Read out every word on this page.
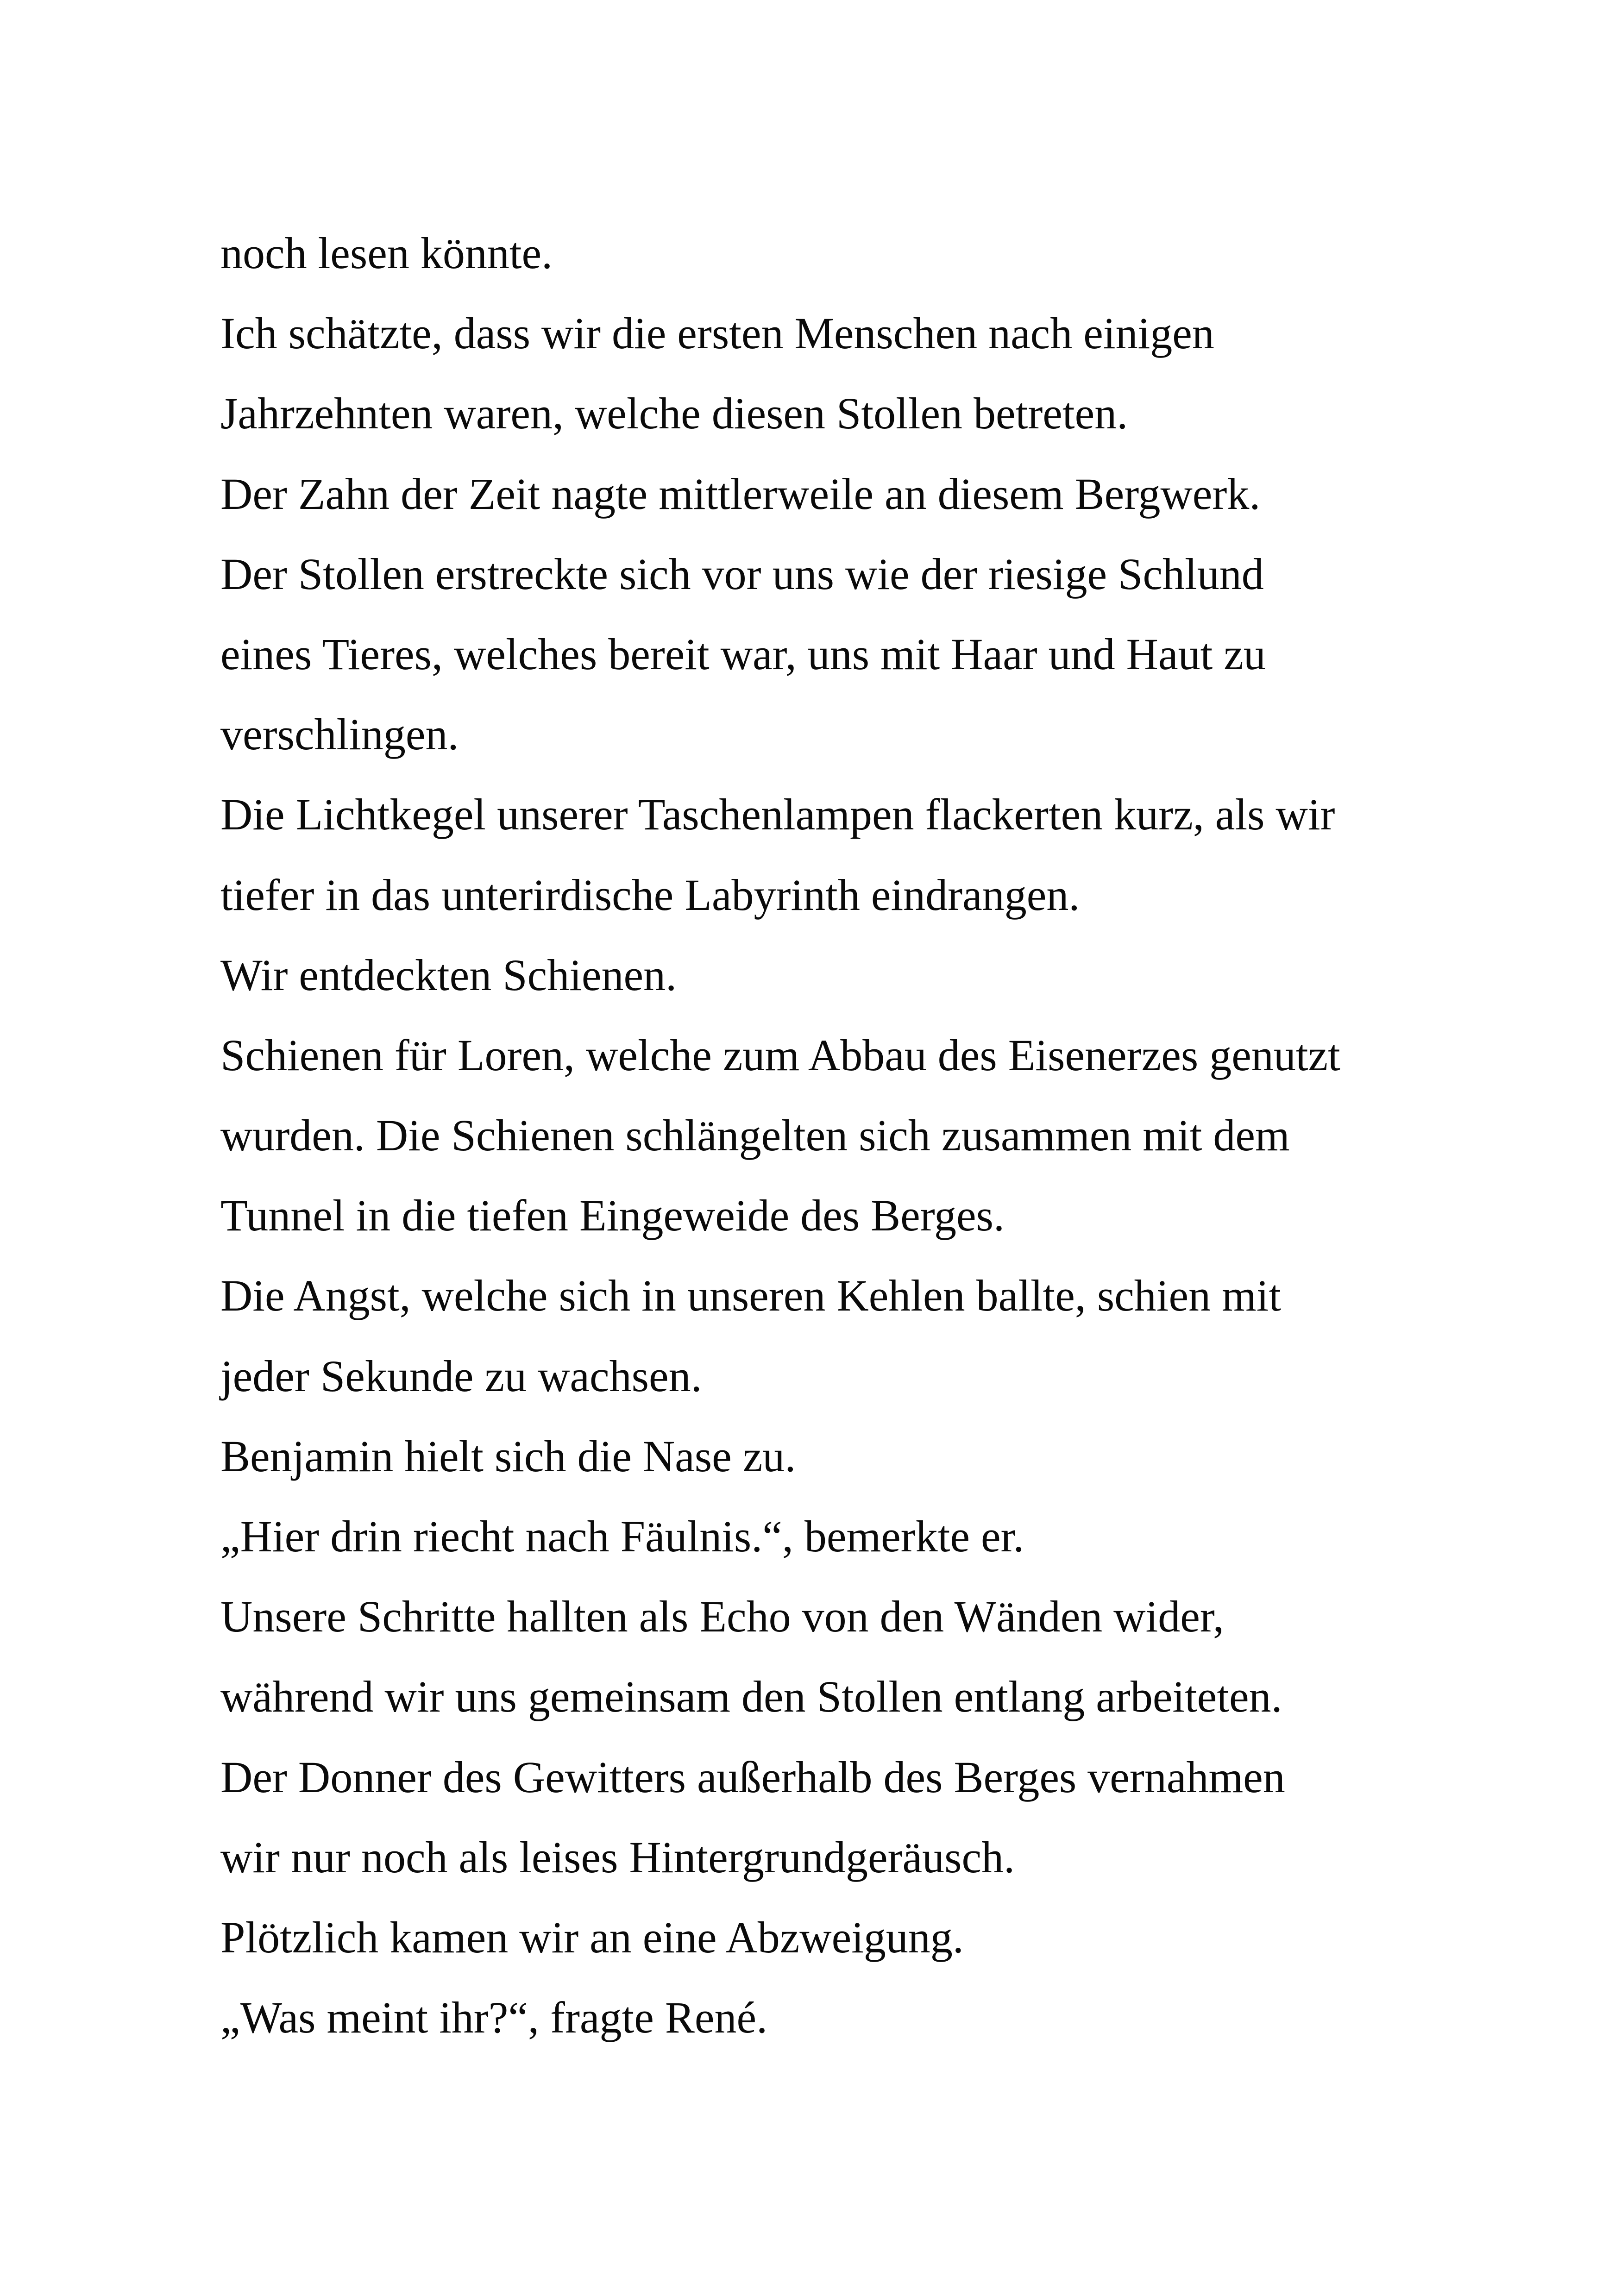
noch lesen könnte.

Ich schätzte, dass wir die ersten Menschen nach einigen

Jahrzehnten waren, welche diesen Stollen betreten.

Der Zahn der Zeit nagte mittlerweile an diesem Bergwerk.

Der Stollen erstreckte sich vor uns wie der riesige Schlund

eines Tieres, welches bereit war, uns mit Haar und Haut zu

verschlingen.

Die Lichtkegel unserer Taschenlampen flackerten kurz, als wir

tiefer in das unterirdische Labyrinth eindrangen.

Wir entdeckten Schienen.

Schienen für Loren, welche zum Abbau des Eisenerzes genutzt

wurden. Die Schienen schlängelten sich zusammen mit dem

Tunnel in die tiefen Eingeweide des Berges.

Die Angst, welche sich in unseren Kehlen ballte, schien mit

jeder Sekunde zu wachsen.

Benjamin hielt sich die Nase zu.

„Hier drin riecht nach Fäulnis.“, bemerkte er.

Unsere Schritte hallten als Echo von den Wänden wider,

während wir uns gemeinsam den Stollen entlang arbeiteten.

Der Donner des Gewitters außerhalb des Berges vernahmen

wir nur noch als leises Hintergrundgeräusch.

Plötzlich kamen wir an eine Abzweigung.

„Was meint ihr?“, fragte René.
